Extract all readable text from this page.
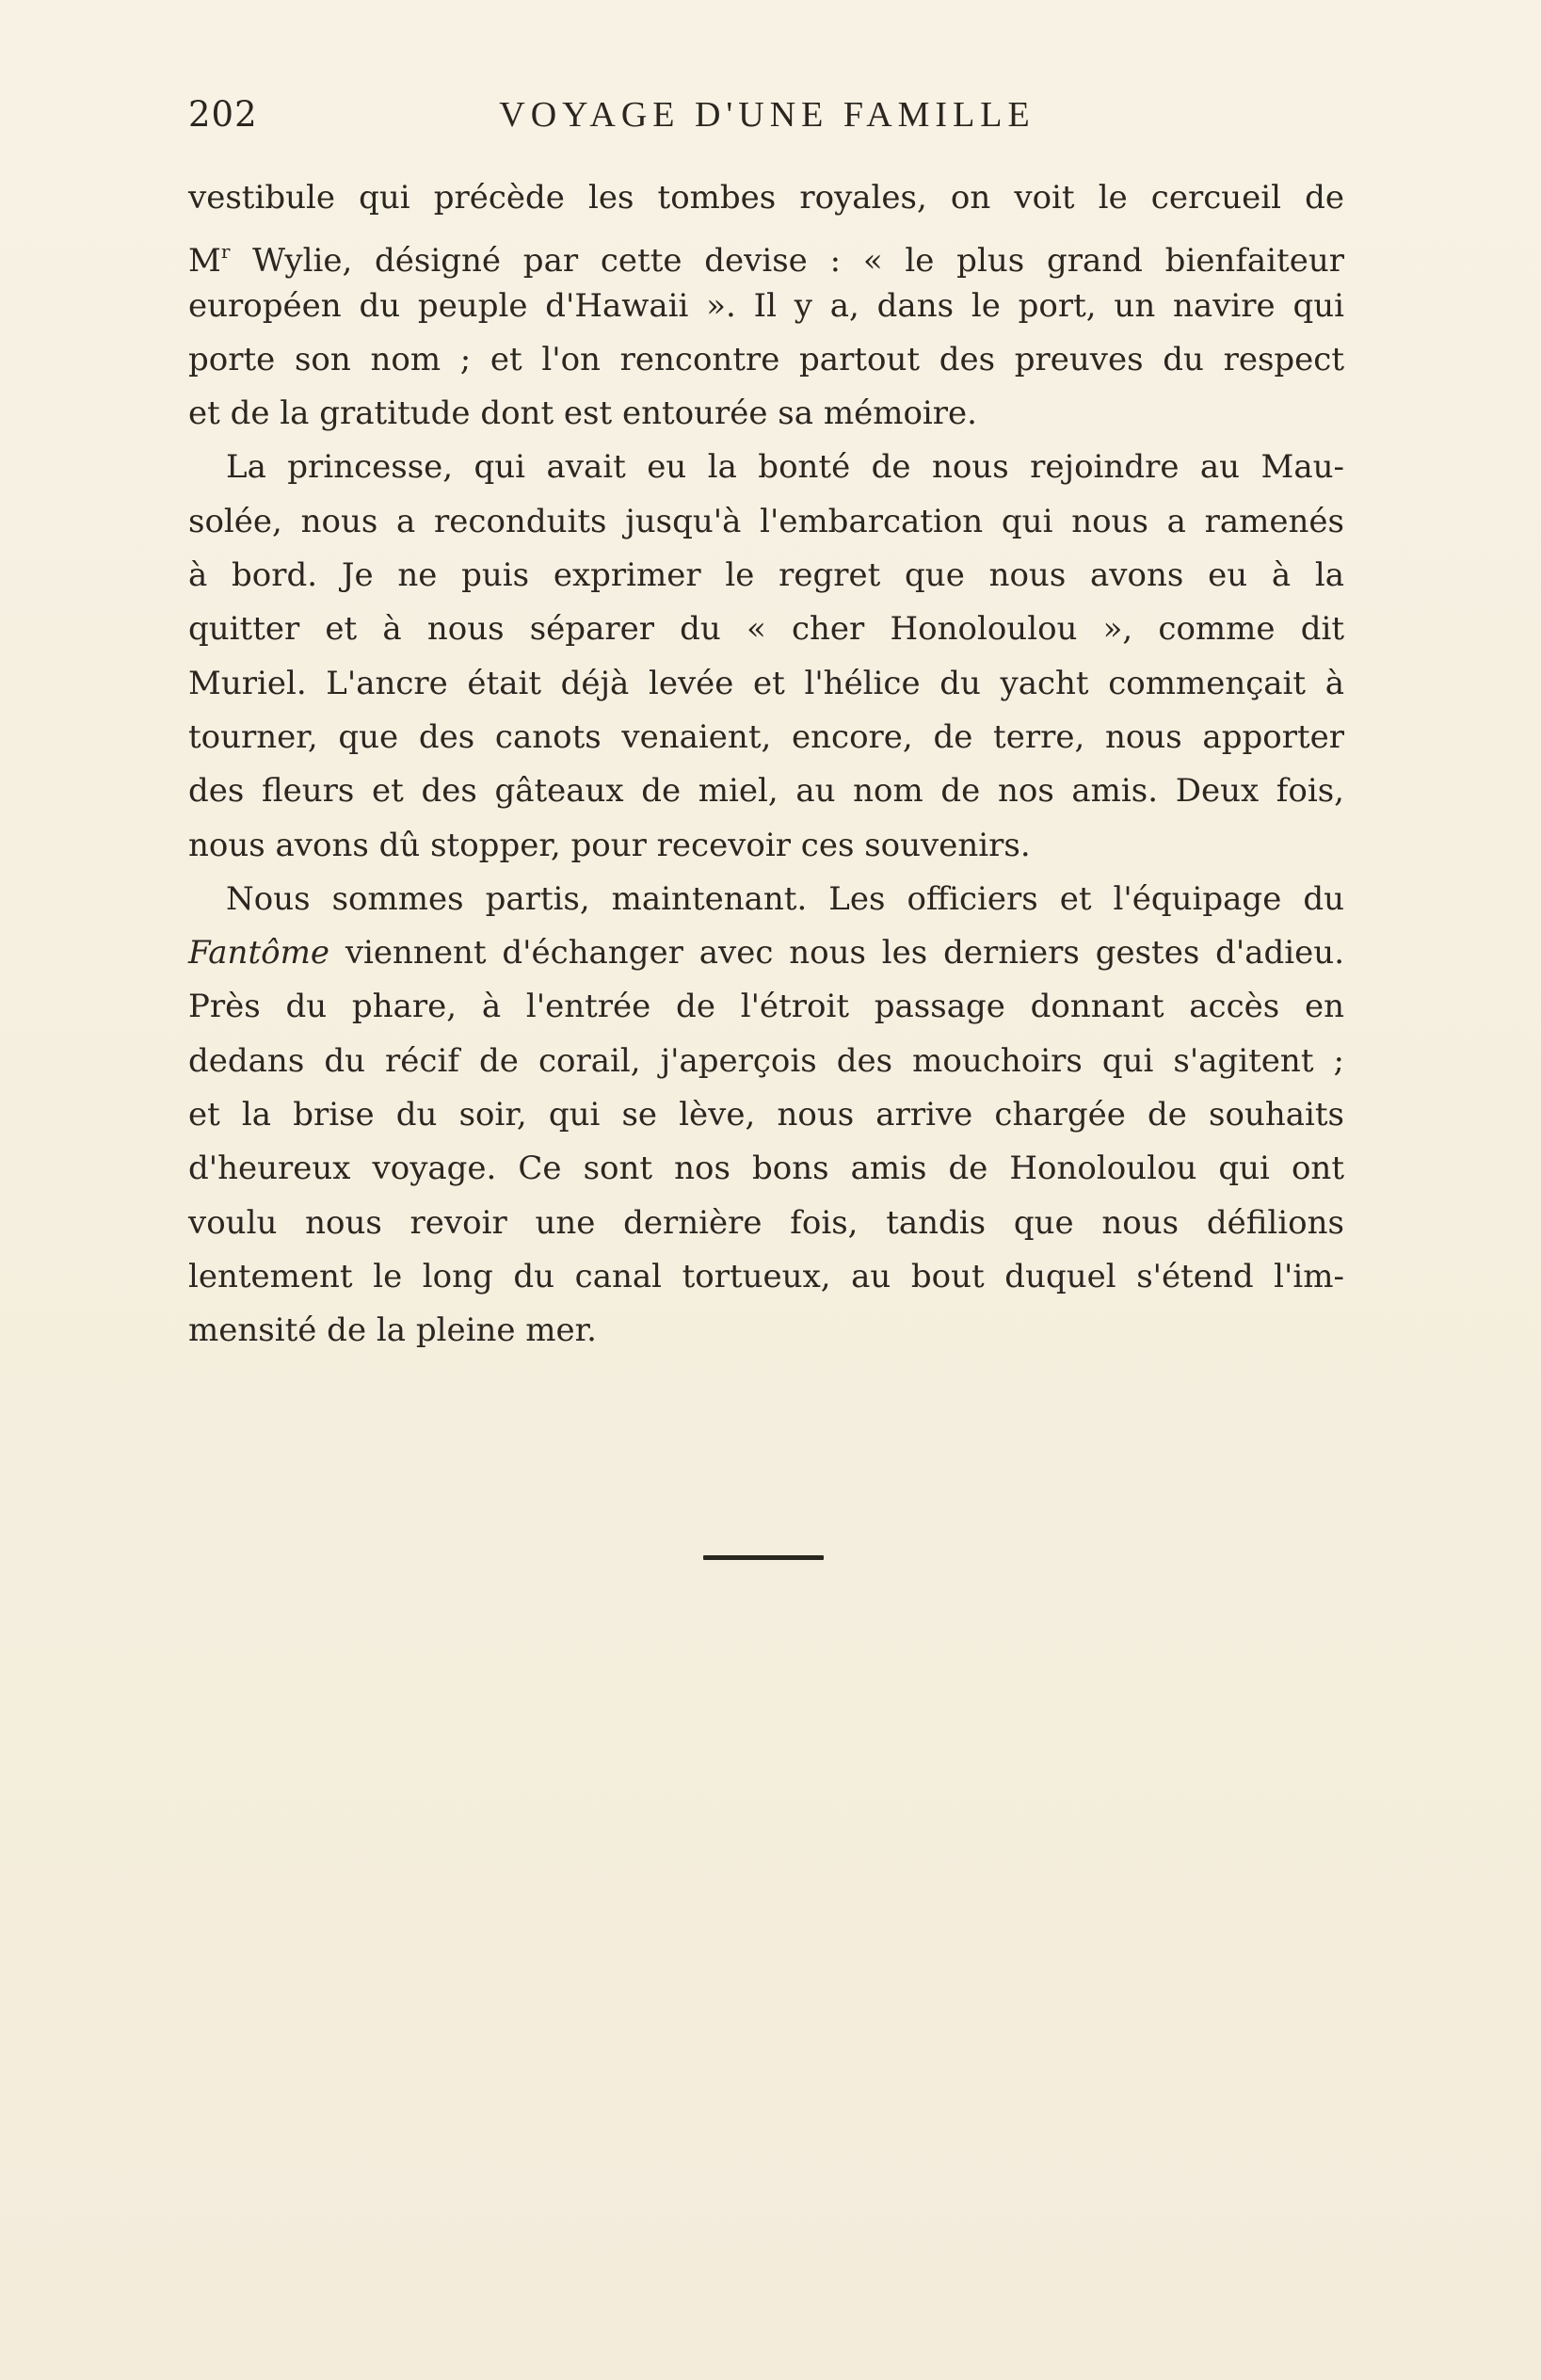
202	VOYAGE D'UNE FAMILLE
vestibule qui précède les tombes royales, on voit le cercueil de
$M^r$ Wylie, désigné par cette devise : « le plus grand bienfaiteur
européen du peuple d'Hawaii ». Il y a, dans le port, un navire qui
porte son nom ; et l'on rencontre partout des preuves du respect
et de la gratitude dont est entourée sa mémoire.
La princesse, qui avait eu la bonté de nous rejoindre au Mau-
solée, nous a reconduits jusqu'à l'embarcation qui nous a ramenés
à bord. Je ne puis exprimer le regret que nous avons eu à la
quitter et à nous séparer du « cher Honoloulou », comme dit
Muriel. L'ancre était déjà levée et l'hélice du yacht commençait à
tourner, que des canots venaient, encore, de terre, nous apporter
des fleurs et des gâteaux de miel, au nom de nos amis. Deux fois,
nous avons dû stopper, pour recevoir ces souvenirs.
Nous sommes partis, maintenant. Les officiers et l'équipage du
Fantôme viennent d'échanger avec nous les derniers gestes d'adieu.
Près du phare, à l'entrée de l'étroit passage donnant accès en
dedans du récif de corail, j'aperçois des mouchoirs qui s'agitent ;
et la brise du soir, qui se lève, nous arrive chargée de souhaits
d'heureux voyage. Ce sont nos bons amis de Honoloulou qui ont
voulu nous revoir une dernière fois, tandis que nous défilions
lentement le long du canal tortueux, au bout duquel s'étend l'im-
mensité de la pleine mer.
